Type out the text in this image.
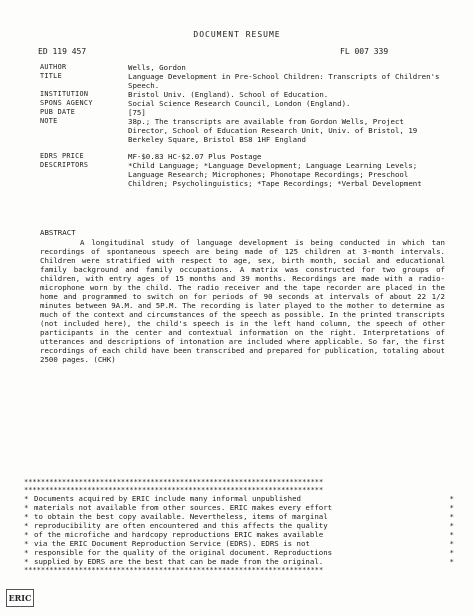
DOCUMENT RESUME
ED 119 457	FL 007 339
AUTHOR	Wells, Gordon
TITLE	Language Development in Pre-School Children: Transcripts of Children's Speech.
INSTITUTION	Bristol Univ. (England). School of Education.
SPONS AGENCY	Social Science Research Council, London (England).
PUB DATE	[75]
NOTE	38p.; The transcripts are available from Gordon Wells, Project Director, School of Education Research Unit, Univ. of Bristol, 19 Berkeley Square, Bristol BS8 1HF England
EDRS PRICE	MF-$0.83 HC-$2.07 Plus Postage
DESCRIPTORS	*Child Language; *Language Development; Language Learning Levels; Language Research; Microphones; Phonotape Recordings; Preschool Children; Psycholinguistics; *Tape Recordings; *Verbal Development
ABSTRACT
A longitudinal study of language development is being conducted in which tan recordings of spontaneous speech are being made of 125 children at 3-month intervals. Children were stratified with respect to age, sex, birth month, social and educational family background and family occupations. A matrix was constructed for two groups of children, with entry ages of 15 months and 39 months. Recordings are made with a radio-microphone worn by the child. The radio receiver and the tape recorder are placed in the home and programmed to switch on for periods of 90 seconds at intervals of about 22 1/2 minutes between 9A.M. and 5P.M. The recording is later played to the mother to determine as much of the context and circumstances of the speech as possible. In the printed transcripts (not included here), the child's speech is in the left hand column, the speech of other participants in the center and contextual information on the right. Interpretations of utterances and descriptions of intonation are included where applicable. So far, the first recordings of each child have been transcribed and prepared for publication, totaling about 2500 pages. (CHK)
***********************************************************************
***********************************************************************
* Documents acquired by ERIC include many informal unpublished	*
* materials not available from other sources. ERIC makes every effort	*
* to obtain the best copy available. Nevertheless, items of marginal	*
* reproducibility are often encountered and this affects the quality	*
* of the microfiche and hardcopy reproductions ERIC makes available	*
* via the ERIC Document Reproduction Service (EDRS). EDRS is not	*
* responsible for the quality of the original document. Reproductions	*
* supplied by EDRS are the best that can be made from the original.	*
***********************************************************************
ERIC
